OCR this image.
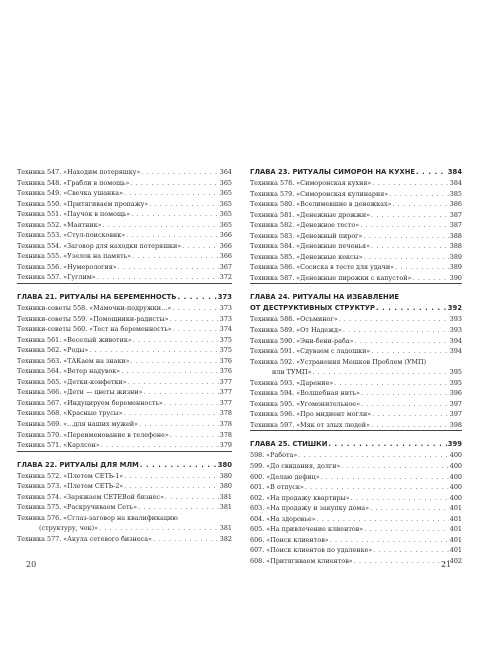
Техника 547. «Находим потеряшку» . . .	364
Техника 548. «Грабли в помощь» . . .	365
Техника 549. «Свечка ушанка» . . .	365
Техника 550. «Притягиваем пропажу» . . .	365
Техника 551. «Паучок в помощь» . . .	365
Техника 552. «Маятник» . . .	365
Техника 553. «Стул-поисковик» . . .	366
Техника 554. «Заговор для находки потеряшки» . . .	366
Техника 555. «Узелок на память» . . .	366
Техника 556. «Нумерология» . . .	367
Техника 557. «Гуглим» . . .	372
ГЛАВА 21. РИТУАЛЫ НА БЕРЕМЕННОСТЬ . . .	373
Техники-советы 558. «Мамочки-подружки…» . . .	373
Техники-советы 559. «Помощники-радисты» . . .	373
Техники-советы 560. «Тест на беременность» . . .	374
Техника 561. «Веселый животик» . . .	375
Техника 562. «Роды» . . .	375
Техника 563. «ТАКаем на знаки» . . .	376
Техника 564. «Ветер надувок» . . .	376
Техника 565. «Детки-конфетки» . . .	377
Техника 566. «Дети — цветы жизни» . . .	377
Техника 567. «Индуцируем беременность» . . .	377
Техника 568. «Красные трусы» . . .	378
Техника 569. «…для наших мужей» . . .	378
Техника 570. «Переименование в телефоне» . . .	378
Техника 571. «Карлсон» . . .	379
ГЛАВА 22. РИТУАЛЫ ДЛЯ МЛМ . . .	380
Техника 572. «Плетем СЕТЬ-1» . . .	380
Техника 573. «Плетем СЕТЬ-2» . . .	380
Техника 574. «Заряжаем СЕТЕВой бизнес» . . .	381
Техника 575. «Раскручиваем Сеть» . . .	381
Техника 576. «Сглаз-заговор на квалификацию
(структуру, чек)» . . .	381
Техника 577. «Акула сетевого бизнеса» . . .	382
ГЛАВА 23. РИТУАЛЫ СИМОРОН НА КУХНЕ . . .	384
Техника 578. «Симоронская кухня» . . .	384
Техника 579. «Симоронская кулинария» . . .	385
Техника 580. «Вселимевшие в денежках» . . .	386
Техника 581. «Денежные дрожжи» . . .	387
Техника 582. «Денежное тесто» . . .	387
Техника 583. «Денежный пирог» . . .	388
Техника 584. «Денежные печенья» . . .	388
Техника 585. «Денежные кексы» . . .	389
Техника 586. «Сосиска в тесте для удачи» . . .	389
Техника 587. «Денежные пирожки с капустой» . . .	390
ГЛАВА 24. РИТУАЛЫ НА ИЗБАВЛЕНИЕ
ОТ ДЕСТРУКТИВНЫХ СТРУКТУР . . .	392
Техника 588. «Осъминог» . . .	393
Техника 589. «От Надежд» . . .	393
Техника 590. «Эни-бени-раба» . . .	394
Техника 591. «Сдуваем с ладошки» . . .	394
Техника 592. «Устранения Мешков Проблем (УМП)
или ТУМП» . . .	395
Техника 593. «Дарение» . . .	395
Техника 594. «Волшебная нить» . . .	396
Техника 595. «Угомонительное» . . .	397
Техника 596. «Про мидиент могли» . . .	397
Техника 597. «Мяк от злых людей» . . .	398
ГЛАВА 25. СТИШКИ . . .	399
598. «Работа» . . .	400
599. «До свидания, долги» . . .	400
600. «Делаю дефиц» . . .	400
601. «В отпуск» . . .	400
602. «На продажу квартиры» . . .	400
603. «На продажу и закупку дома» . . .	401
604. «На здоровье» . . .	401
605. «На привлечение клиентов» . . .	401
606. «Поиск клиентов» . . .	401
607. «Поиск клиентов по удаленке» . . .	401
608. «Притягиваем клиентов» . . .	402
20	21
